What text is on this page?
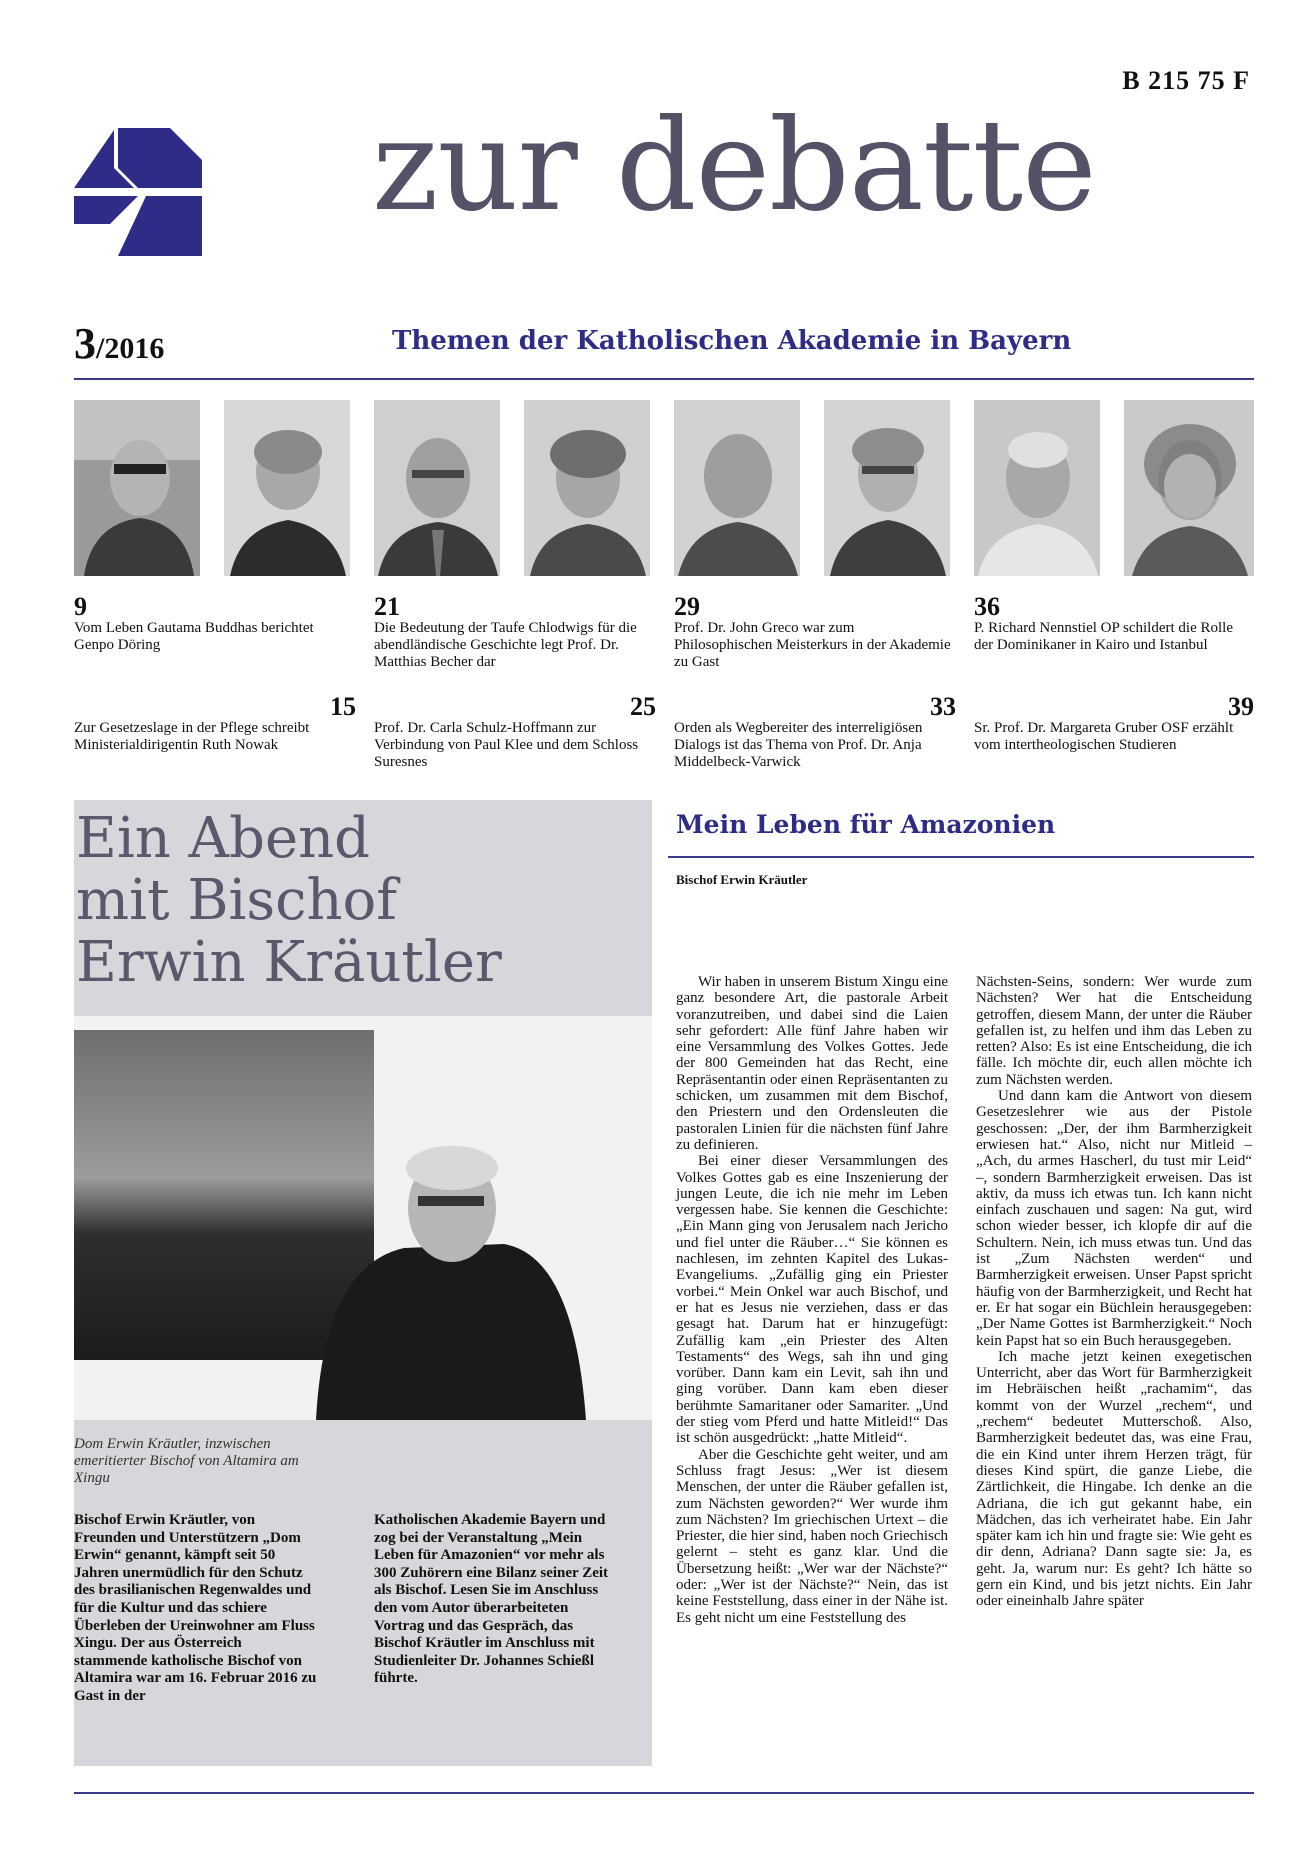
B 215 75 F
zur debatte
3/2016	Themen der Katholischen Akademie in Bayern
9
Vom Leben Gautama Buddhas berichtet Genpo Döring
21
Die Bedeutung der Taufe Chlodwigs für die abendländische Geschichte legt Prof. Dr. Matthias Becher dar
29
Prof. Dr. John Greco war zum Philosophischen Meisterkurs in der Akademie zu Gast
36
P. Richard Nennstiel OP schildert die Rolle der Dominikaner in Kairo und Istanbul
15
Zur Gesetzeslage in der Pflege schreibt Ministerialdirigentin Ruth Nowak
25
Prof. Dr. Carla Schulz-Hoffmann zur Verbindung von Paul Klee und dem Schloss Suresnes
33
Orden als Wegbereiter des interreligiösen Dialogs ist das Thema von Prof. Dr. Anja Middelbeck-Varwick
39
Sr. Prof. Dr. Margareta Gruber OSF erzählt vom intertheologischen Studieren
Ein Abend
mit Bischof
Erwin Kräutler
Dom Erwin Kräutler, inzwischen emeritierter Bischof von Altamira am Xingu
Bischof Erwin Kräutler, von Freunden und Unterstützern „Dom Erwin“ genannt, kämpft seit 50 Jahren unermüdlich für den Schutz des brasilianischen Regenwaldes und für die Kultur und das schiere Überleben der Ureinwohner am Fluss Xingu. Der aus Österreich stammende katholische Bischof von Altamira war am 16. Februar 2016 zu Gast in der
Katholischen Akademie Bayern und zog bei der Veranstaltung „Mein Leben für Amazonien“ vor mehr als 300 Zuhörern eine Bilanz seiner Zeit als Bischof. Lesen Sie im Anschluss den vom Autor überarbeiteten Vortrag und das Gespräch, das Bischof Kräutler im Anschluss mit Studienleiter Dr. Johannes Schießl führte.
Mein Leben für Amazonien
Bischof Erwin Kräutler

Wir haben in unserem Bistum Xingu eine ganz besondere Art, die pastorale Arbeit voranzutreiben, und dabei sind die Laien sehr gefordert: Alle fünf Jahre haben wir eine Versammlung des Volkes Gottes. Jede der 800 Gemeinden hat das Recht, eine Repräsentantin oder einen Repräsentanten zu schicken, um zusammen mit dem Bischof, den Priestern und den Ordensleuten die pastoralen Linien für die nächsten fünf Jahre zu definieren.

Bei einer dieser Versammlungen des Volkes Gottes gab es eine Inszenierung der jungen Leute, die ich nie mehr im Leben vergessen habe. Sie kennen die Geschichte: „Ein Mann ging von Jerusalem nach Jericho und fiel unter die Räuber…“ Sie können es nachlesen, im zehnten Kapitel des Lukas-Evangeliums. „Zufällig ging ein Priester vorbei.“ Mein Onkel war auch Bischof, und er hat es Jesus nie verziehen, dass er das gesagt hat. Darum hat er hinzugefügt: Zufällig kam „ein Priester des Alten Testaments“ des Wegs, sah ihn und ging vorüber. Dann kam ein Levit, sah ihn und ging vorüber. Dann kam eben dieser berühmte Samaritaner oder Samariter. „Und der stieg vom Pferd und hatte Mitleid!“ Das ist schön ausgedrückt: „hatte Mitleid“.

Aber die Geschichte geht weiter, und am Schluss fragt Jesus: „Wer ist diesem Menschen, der unter die Räuber gefallen ist, zum Nächsten geworden?“ Wer wurde ihm zum Nächsten? Im griechischen Urtext – die Priester, die hier sind, haben noch Griechisch gelernt – steht es ganz klar. Und die Übersetzung heißt: „Wer war der Nächste?“ oder: „Wer ist der Nächste?“ Nein, das ist keine Feststellung, dass einer in der Nähe ist. Es geht nicht um eine Feststellung des

Nächsten-Seins, sondern: Wer wurde zum Nächsten? Wer hat die Entscheidung getroffen, diesem Mann, der unter die Räuber gefallen ist, zu helfen und ihm das Leben zu retten? Also: Es ist eine Entscheidung, die ich fälle. Ich möchte dir, euch allen möchte ich zum Nächsten werden.

Und dann kam die Antwort von diesem Gesetzeslehrer wie aus der Pistole geschossen: „Der, der ihm Barmherzigkeit erwiesen hat.“ Also, nicht nur Mitleid – „Ach, du armes Hascherl, du tust mir Leid“ –, sondern Barmherzigkeit erweisen. Das ist aktiv, da muss ich etwas tun. Ich kann nicht einfach zuschauen und sagen: Na gut, wird schon wieder besser, ich klopfe dir auf die Schultern. Nein, ich muss etwas tun. Und das ist „Zum Nächsten werden“ und Barmherzigkeit erweisen. Unser Papst spricht häufig von der Barmherzigkeit, und Recht hat er. Er hat sogar ein Büchlein herausgegeben: „Der Name Gottes ist Barmherzigkeit.“ Noch kein Papst hat so ein Buch herausgegeben.

Ich mache jetzt keinen exegetischen Unterricht, aber das Wort für Barmherzigkeit im Hebräischen heißt „rachamim“, das kommt von der Wurzel „rechem“, und „rechem“ bedeutet Mutterschoß. Also, Barmherzigkeit bedeutet das, was eine Frau, die ein Kind unter ihrem Herzen trägt, für dieses Kind spürt, die ganze Liebe, die Zärtlichkeit, die Hingabe. Ich denke an die Adriana, die ich gut gekannt habe, ein Mädchen, das ich verheiratet habe. Ein Jahr später kam ich hin und fragte sie: Wie geht es dir denn, Adriana? Dann sagte sie: Ja, es geht. Ja, warum nur: Es geht? Ich hätte so gern ein Kind, und bis jetzt nichts. Ein Jahr oder eineinhalb Jahre später
